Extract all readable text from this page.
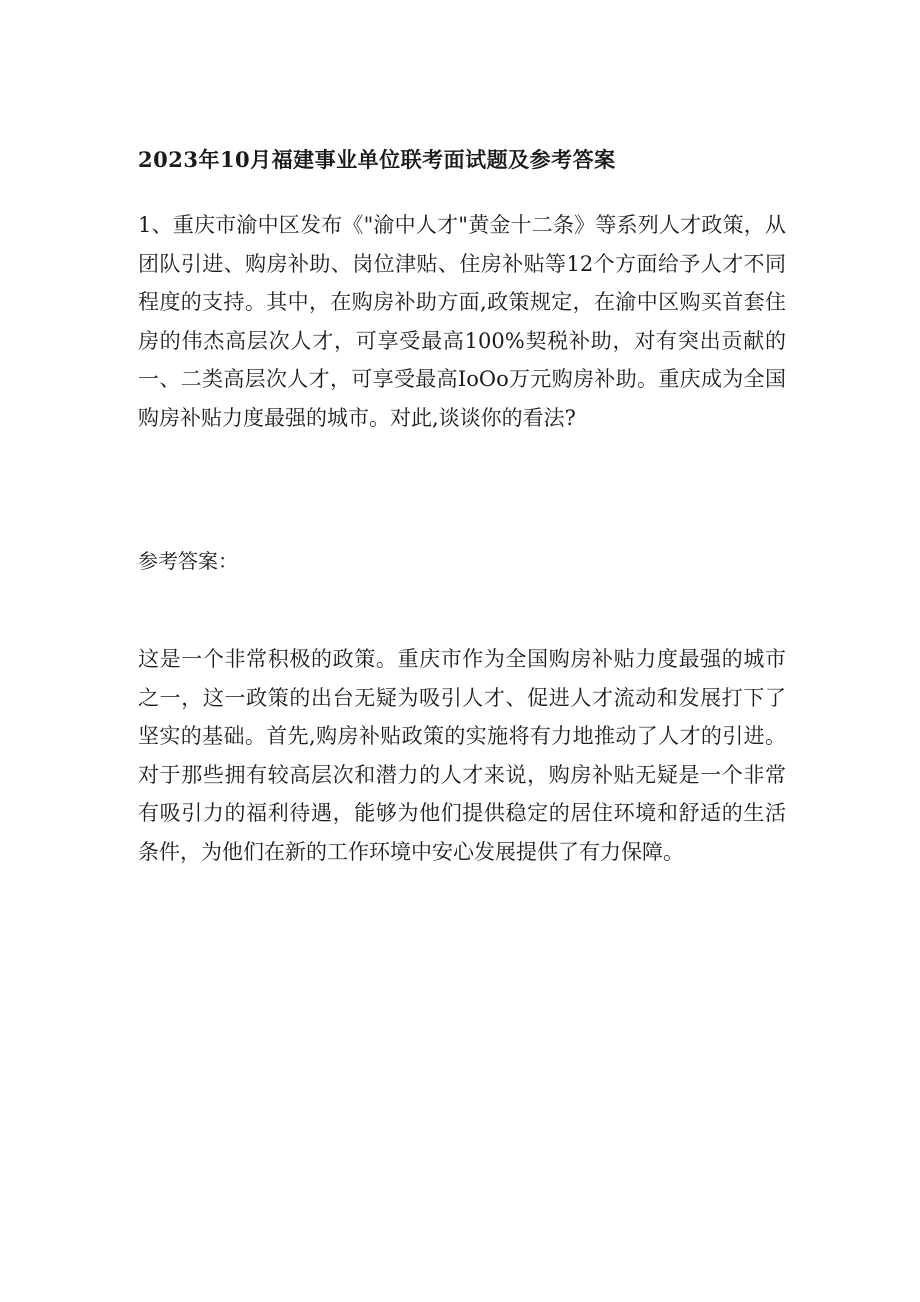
2023年10月福建事业单位联考面试题及参考答案

1、重庆市渝中区发布《"渝中人才"黄金十二条》等系列人才政策，从团队引进、购房补助、岗位津贴、住房补贴等12个方面给予人才不同程度的支持。其中，在购房补助方面,政策规定，在渝中区购买首套住房的伟杰高层次人才，可享受最高100%契税补助，对有突出贡献的一、二类高层次人才，可享受最高IoOo万元购房补助。重庆成为全国购房补贴力度最强的城市。对此,谈谈你的看法?

参考答案：

这是一个非常积极的政策。重庆市作为全国购房补贴力度最强的城市之一，这一政策的出台无疑为吸引人才、促进人才流动和发展打下了坚实的基础。首先,购房补贴政策的实施将有力地推动了人才的引进。对于那些拥有较高层次和潜力的人才来说，购房补贴无疑是一个非常有吸引力的福利待遇，能够为他们提供稳定的居住环境和舒适的生活条件，为他们在新的工作环境中安心发展提供了有力保障。
